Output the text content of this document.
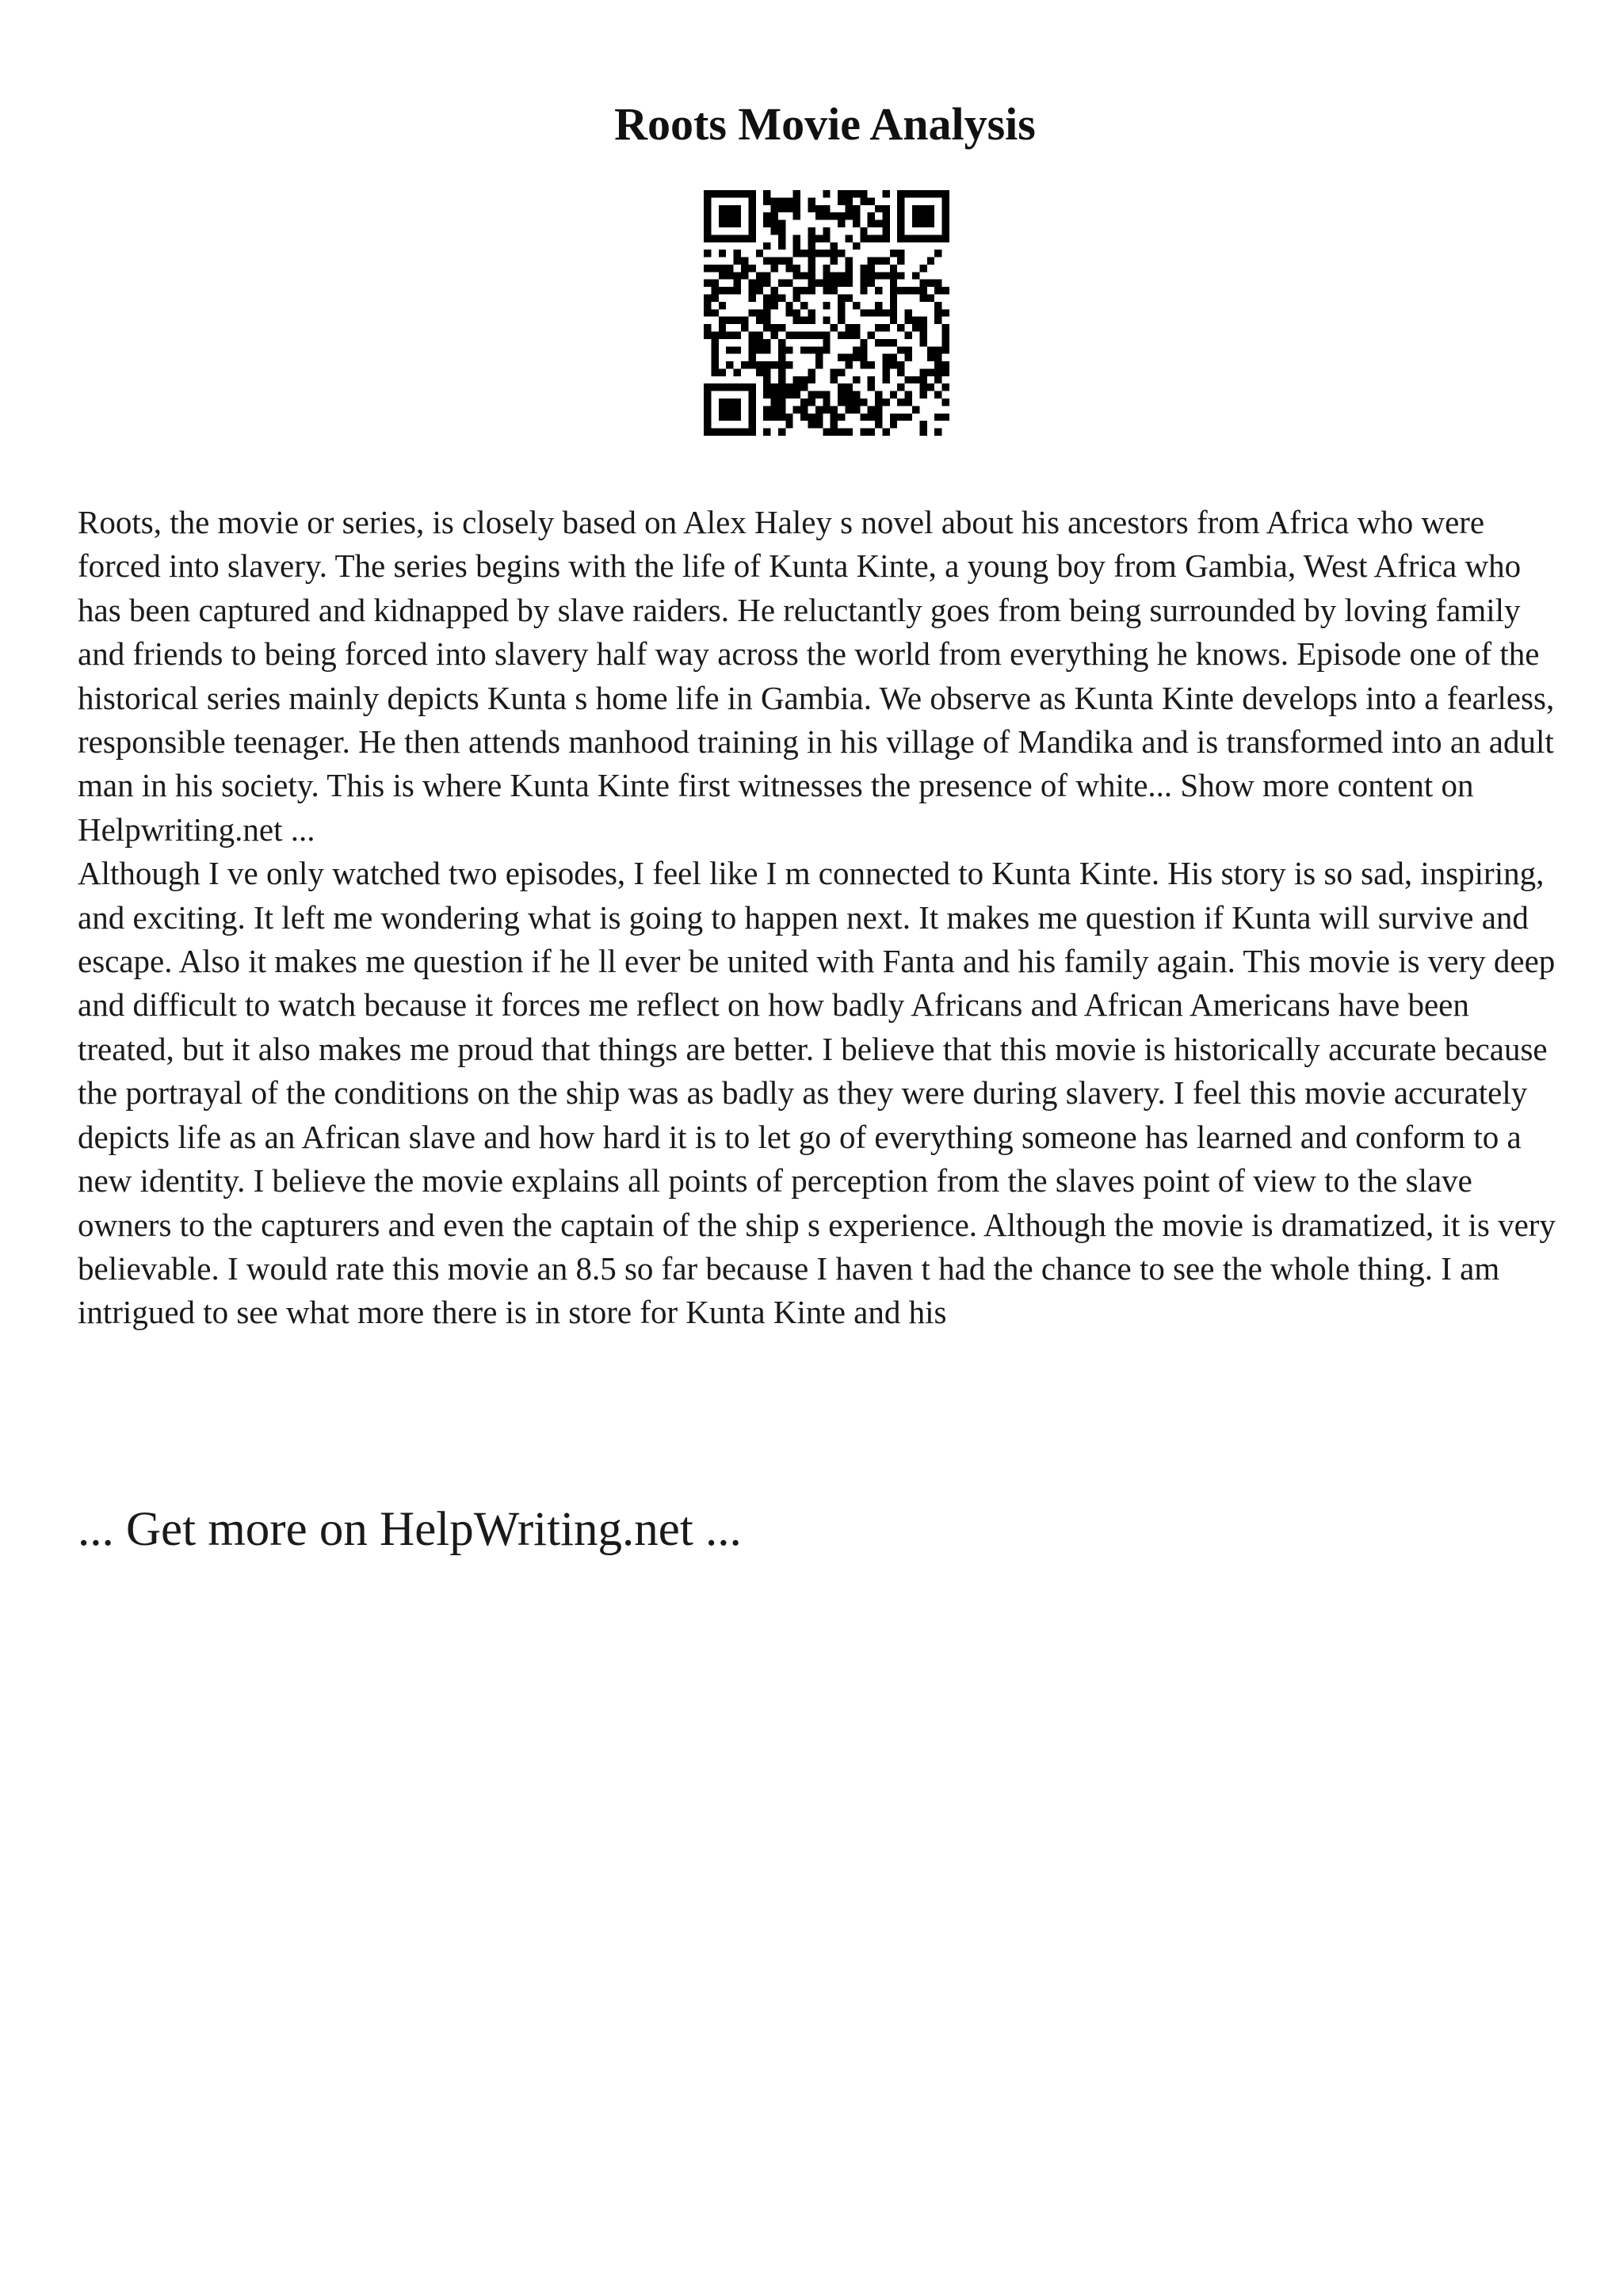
Roots Movie Analysis

Roots, the movie or series, is closely based on Alex Haley s novel about his ancestors from Africa who were forced into slavery. The series begins with the life of Kunta Kinte, a young boy from Gambia, West Africa who has been captured and kidnapped by slave raiders. He reluctantly goes from being surrounded by loving family and friends to being forced into slavery half way across the world from everything he knows. Episode one of the historical series mainly depicts Kunta s home life in Gambia. We observe as Kunta Kinte develops into a fearless, responsible teenager. He then attends manhood training in his village of Mandika and is transformed into an adult man in his society. This is where Kunta Kinte first witnesses the presence of white... Show more content on Helpwriting.net ...

Although I ve only watched two episodes, I feel like I m connected to Kunta Kinte. His story is so sad, inspiring, and exciting. It left me wondering what is going to happen next. It makes me question if Kunta will survive and escape. Also it makes me question if he ll ever be united with Fanta and his family again. This movie is very deep and difficult to watch because it forces me reflect on how badly Africans and African Americans have been treated, but it also makes me proud that things are better. I believe that this movie is historically accurate because the portrayal of the conditions on the ship was as badly as they were during slavery. I feel this movie accurately depicts life as an African slave and how hard it is to let go of everything someone has learned and conform to a new identity. I believe the movie explains all points of perception from the slaves point of view to the slave owners to the capturers and even the captain of the ship s experience. Although the movie is dramatized, it is very believable. I would rate this movie an 8.5 so far because I haven t had the chance to see the whole thing. I am intrigued to see what more there is in store for Kunta Kinte and his

... Get more on HelpWriting.net ...
